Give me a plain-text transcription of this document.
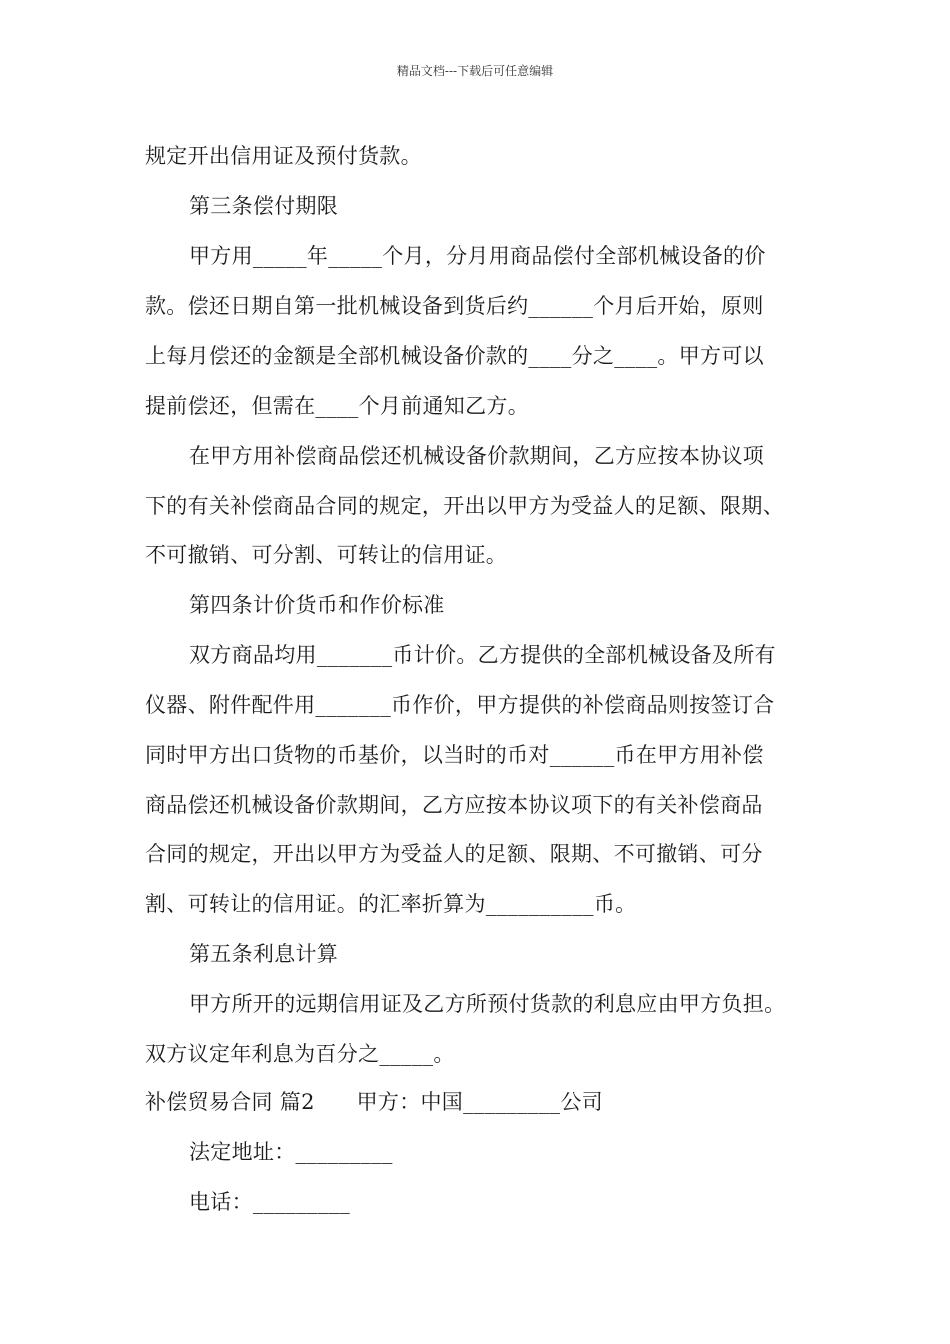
精品文档---下载后可任意编辑
规定开出信用证及预付货款。
第三条偿付期限
甲方用_____年_____个月，分月用商品偿付全部机械设备的价
款。偿还日期自第一批机械设备到货后约______个月后开始，原则
上每月偿还的金额是全部机械设备价款的____分之____。甲方可以
提前偿还，但需在____个月前通知乙方。
在甲方用补偿商品偿还机械设备价款期间，乙方应按本协议项
下的有关补偿商品合同的规定，开出以甲方为受益人的足额、限期、
不可撤销、可分割、可转让的信用证。
第四条计价货币和作价标准
双方商品均用_______币计价。乙方提供的全部机械设备及所有
仪器、附件配件用_______币作价，甲方提供的补偿商品则按签订合
同时甲方出口货物的币基价，以当时的币对______币在甲方用补偿
商品偿还机械设备价款期间，乙方应按本协议项下的有关补偿商品
合同的规定，开出以甲方为受益人的足额、限期、不可撤销、可分
割、可转让的信用证。的汇率折算为__________币。
第五条利息计算
甲方所开的远期信用证及乙方所预付货款的利息应由甲方负担。
双方议定年利息为百分之_____。
补偿贸易合同 篇2      甲方：中国_________公司
法定地址：_________
电话：_________
